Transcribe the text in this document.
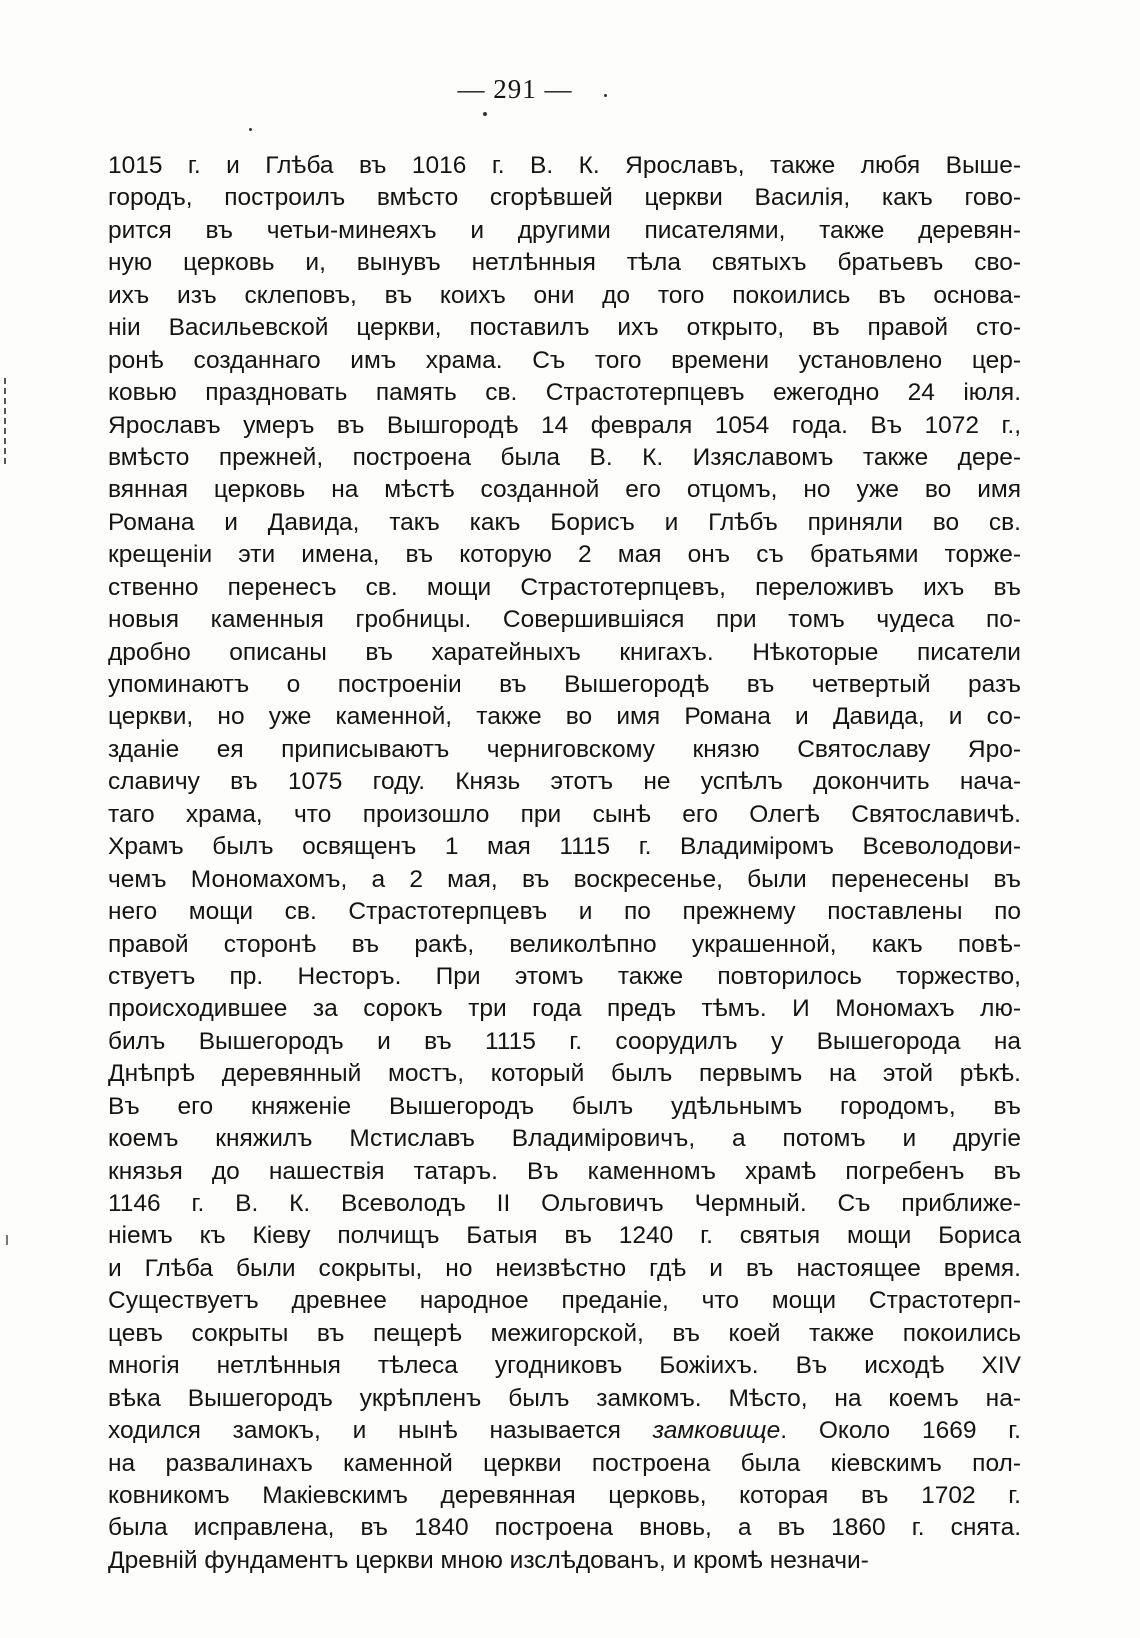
— 291 —
1015 г. и Глѣба въ 1016 г. В. К. Ярославъ, также любя Выше-
городъ, построилъ вмѣсто сгорѣвшей церкви Василія, какъ гово-
рится въ четьи-минеяхъ и другими писателями, также деревян-
ную церковь и, вынувъ нетлѣнныя тѣла святыхъ братьевъ сво-
ихъ изъ склеповъ, въ коихъ они до того покоились въ основа-
нiи Васильевской церкви, поставилъ ихъ открыто, въ правой сто-
ронѣ созданнаго имъ храма. Съ того времени установлено цер-
ковью праздновать память св. Страстотерпцевъ ежегодно 24 iюля.
Ярославъ умеръ въ Вышгородѣ 14 февраля 1054 года. Въ 1072 г.,
вмѣсто прежней, построена была В. К. Изяславомъ также дере-
вянная церковь на мѣстѣ созданной его отцомъ, но уже во имя
Романа и Давида, такъ какъ Борисъ и Глѣбъ приняли во св.
крещенiи эти имена, въ которую 2 мая онъ съ братьями торже-
ственно перенесъ св. мощи Страстотерпцевъ, переложивъ ихъ въ
новыя каменныя гробницы. Совершившiяся при томъ чудеса по-
дробно описаны въ харатейныхъ книгахъ. Нѣкоторые писатели
упоминаютъ о построенiи въ Вышегородѣ въ четвертый разъ
церкви, но уже каменной, также во имя Романа и Давида, и со-
зданiе ея приписываютъ черниговскому князю Святославу Яро-
славичу въ 1075 году. Князь этотъ не успѣлъ докончить нача-
таго храма, что произошло при сынѣ его Олегѣ Святославичѣ.
Храмъ былъ освященъ 1 мая 1115 г. Владимiромъ Всеволодови-
чемъ Мономахомъ, а 2 мая, въ воскресенье, были перенесены въ
него мощи св. Страстотерпцевъ и по прежнему поставлены по
правой сторонѣ въ ракѣ, великолѣпно украшенной, какъ повѣ-
ствуетъ пр. Несторъ. При этомъ также повторилось торжество,
происходившее за сорокъ три года предъ тѣмъ. И Мономахъ лю-
билъ Вышегородъ и въ 1115 г. соорудилъ у Вышегорода на
Днѣпрѣ деревянный мостъ, который былъ первымъ на этой рѣкѣ.
Въ его княженiе Вышегородъ былъ удѣльнымъ городомъ, въ
коемъ княжилъ Мстиславъ Владимiровичъ, а потомъ и другiе
князья до нашествiя татаръ. Въ каменномъ храмѣ погребенъ въ
1146 г. В. К. Всеволодъ II Ольговичъ Чермный. Съ приближе-
нiемъ къ Кiеву полчищъ Батыя въ 1240 г. святыя мощи Бориса
и Глѣба были сокрыты, но неизвѣстно гдѣ и въ настоящее время.
Существуетъ древнее народное преданiе, что мощи Страстотерп-
цевъ сокрыты въ пещерѣ межигорской, въ коей также покоились
многiя нетлѣнныя тѣлеса угодниковъ Божiихъ. Въ исходѣ XIV
вѣка Вышегородъ укрѣпленъ былъ замкомъ. Мѣсто, на коемъ на-
ходился замокъ, и нынѣ называется замковище. Около 1669 г.
на развалинахъ каменной церкви построена была кiевскимъ пол-
ковникомъ Макiевскимъ деревянная церковь, которая въ 1702 г.
была исправлена, въ 1840 построена вновь, а въ 1860 г. снята.
Древнiй фундаментъ церкви мною изслѣдованъ, и кромѣ незначи-
